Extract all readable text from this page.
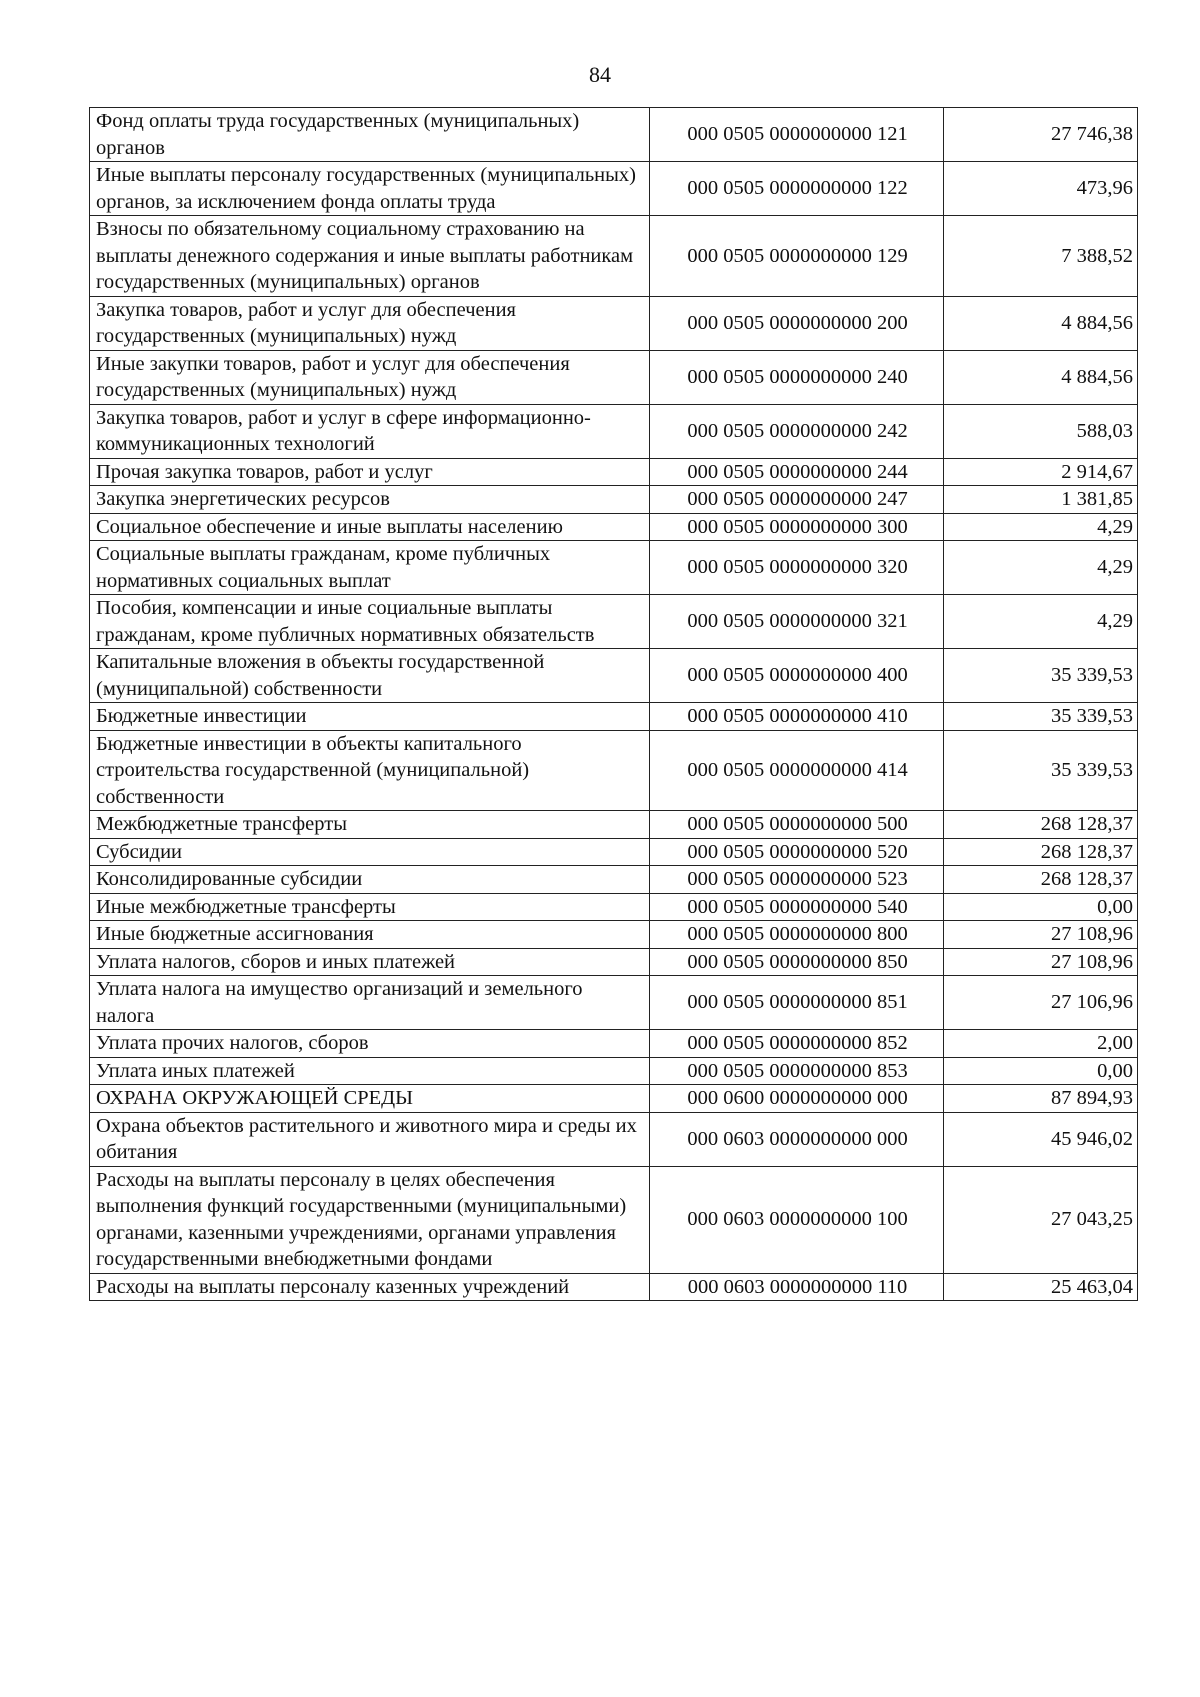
84
Фонд оплаты труда государственных (муниципальных) органов	000 0505 0000000000 121	27 746,38
Иные выплаты персоналу государственных (муниципальных) органов, за исключением фонда оплаты труда	000 0505 0000000000 122	473,96
Взносы по обязательному социальному страхованию на выплаты денежного содержания и иные выплаты работникам государственных (муниципальных) органов	000 0505 0000000000 129	7 388,52
Закупка товаров, работ и услуг для обеспечения государственных (муниципальных) нужд	000 0505 0000000000 200	4 884,56
Иные закупки товаров, работ и услуг для обеспечения государственных (муниципальных) нужд	000 0505 0000000000 240	4 884,56
Закупка товаров, работ и услуг в сфере информационно-коммуникационных технологий	000 0505 0000000000 242	588,03
Прочая закупка товаров, работ и услуг	000 0505 0000000000 244	2 914,67
Закупка энергетических ресурсов	000 0505 0000000000 247	1 381,85
Социальное обеспечение и иные выплаты населению	000 0505 0000000000 300	4,29
Социальные выплаты гражданам, кроме публичных нормативных социальных выплат	000 0505 0000000000 320	4,29
Пособия, компенсации и иные социальные выплаты гражданам, кроме публичных нормативных обязательств	000 0505 0000000000 321	4,29
Капитальные вложения в объекты государственной (муниципальной) собственности	000 0505 0000000000 400	35 339,53
Бюджетные инвестиции	000 0505 0000000000 410	35 339,53
Бюджетные инвестиции в объекты капитального строительства государственной (муниципальной) собственности	000 0505 0000000000 414	35 339,53
Межбюджетные трансферты	000 0505 0000000000 500	268 128,37
Субсидии	000 0505 0000000000 520	268 128,37
Консолидированные субсидии	000 0505 0000000000 523	268 128,37
Иные межбюджетные трансферты	000 0505 0000000000 540	0,00
Иные бюджетные ассигнования	000 0505 0000000000 800	27 108,96
Уплата налогов, сборов и иных платежей	000 0505 0000000000 850	27 108,96
Уплата налога на имущество организаций и земельного налога	000 0505 0000000000 851	27 106,96
Уплата прочих налогов, сборов	000 0505 0000000000 852	2,00
Уплата иных платежей	000 0505 0000000000 853	0,00
ОХРАНА ОКРУЖАЮЩЕЙ СРЕДЫ	000 0600 0000000000 000	87 894,93
Охрана объектов растительного и животного мира и среды их обитания	000 0603 0000000000 000	45 946,02
Расходы на выплаты персоналу в целях обеспечения выполнения функций государственными (муниципальными) органами, казенными учреждениями, органами управления государственными внебюджетными фондами	000 0603 0000000000 100	27 043,25
Расходы на выплаты персоналу казенных учреждений	000 0603 0000000000 110	25 463,04
